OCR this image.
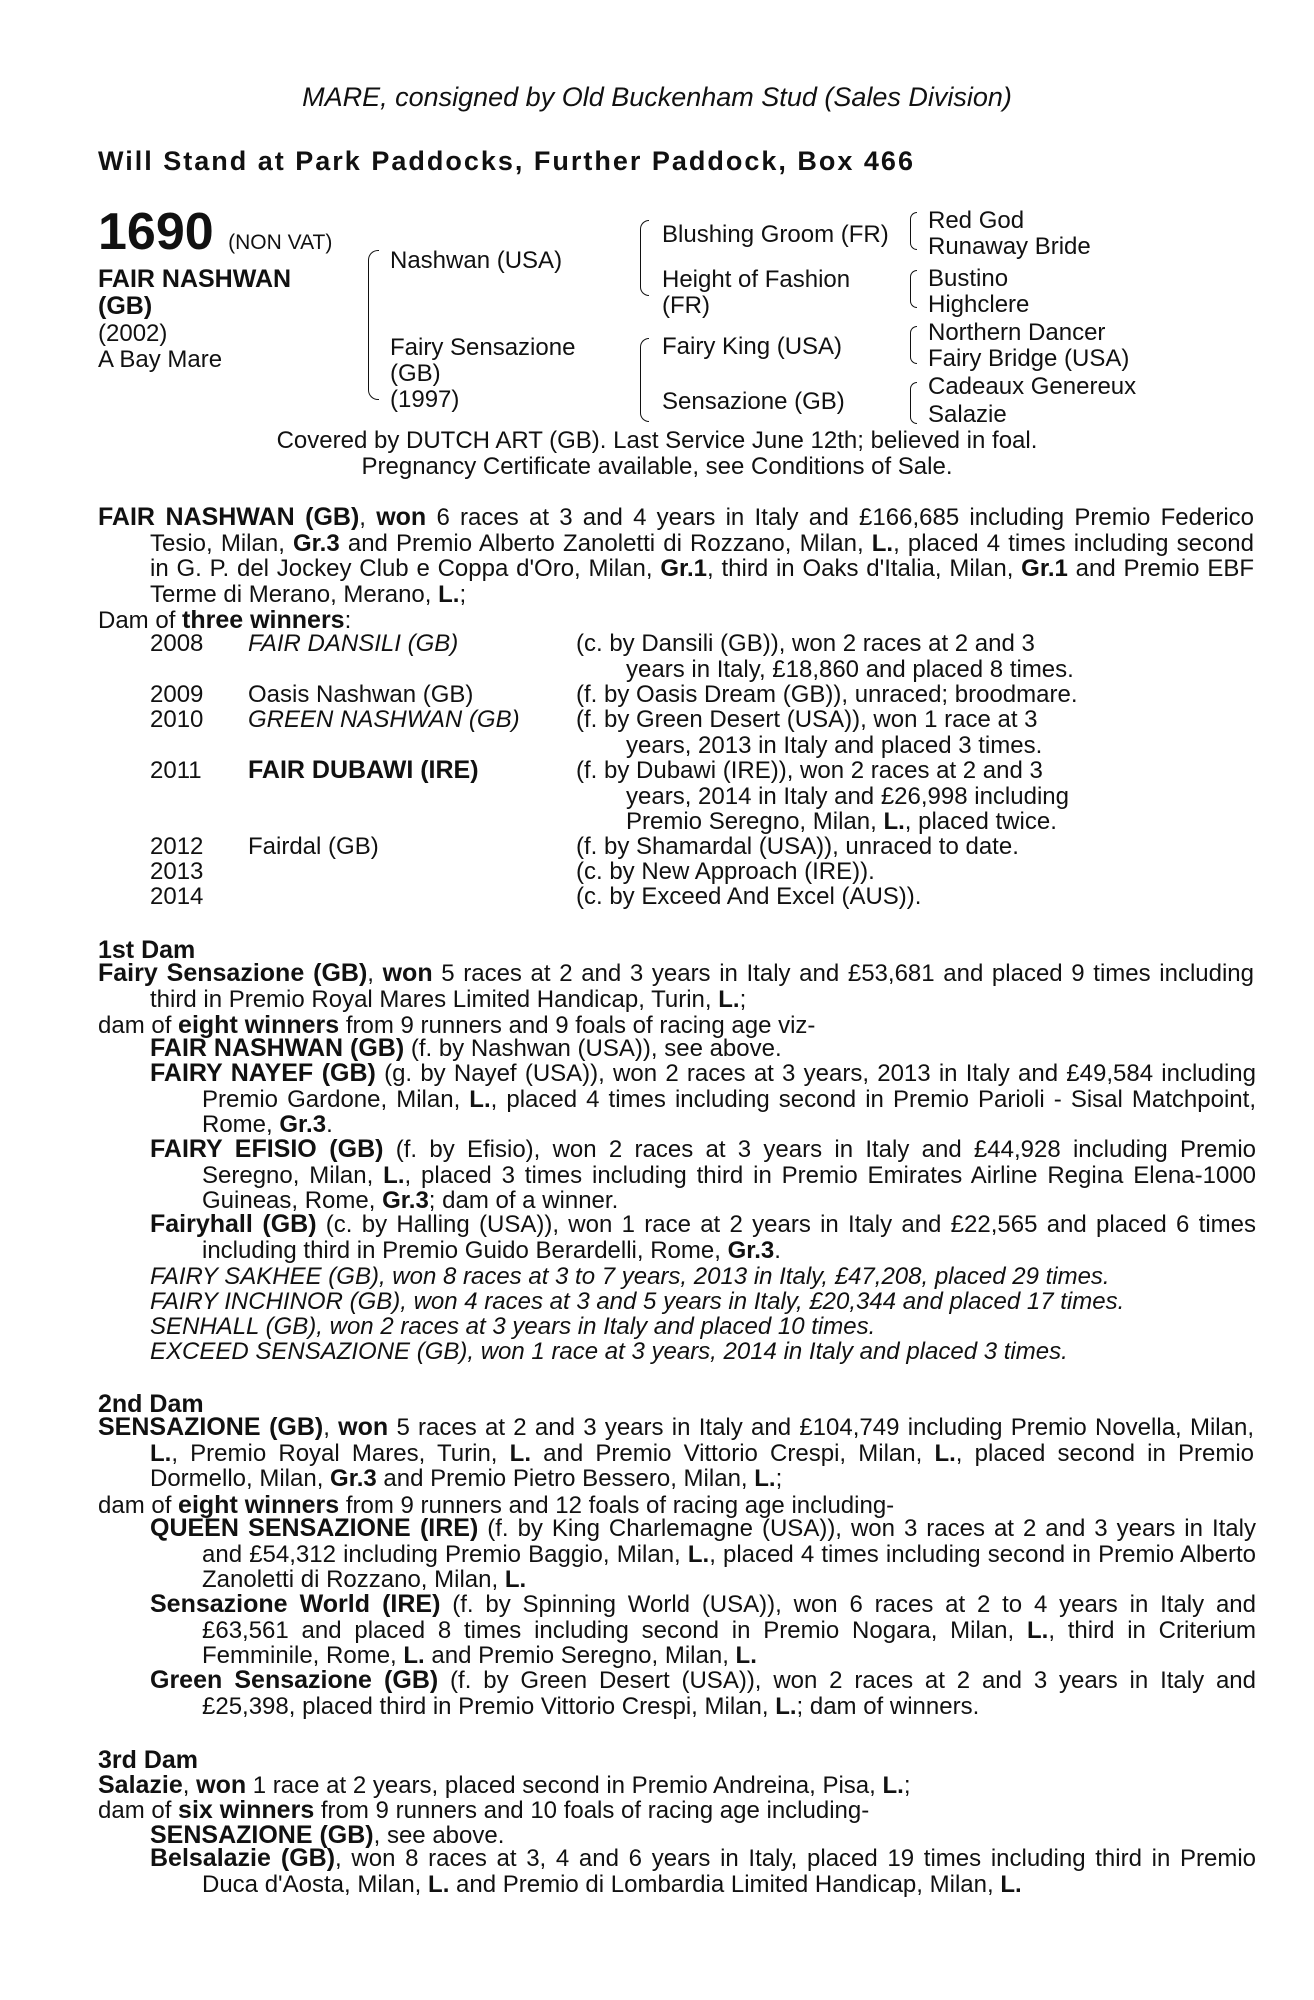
MARE, consigned by Old Buckenham Stud (Sales Division)
Will Stand at Park Paddocks, Further Paddock, Box 466
1690 (NON VAT)
FAIR NASHWAN
(GB)
(2002)
A Bay Mare
Nashwan (USA)
Fairy Sensazione
(GB)
(1997)
Blushing Groom (FR)
Height of Fashion
(FR)
Fairy King (USA)
Sensazione (GB)
Red God
Runaway Bride
Bustino
Highclere
Northern Dancer
Fairy Bridge (USA)
Cadeaux Genereux
Salazie
Covered by DUTCH ART (GB). Last Service June 12th; believed in foal.
Pregnancy Certificate available, see Conditions of Sale.
FAIR NASHWAN (GB), won 6 races at 3 and 4 years in Italy and £166,685 including Premio Federico Tesio, Milan, Gr.3 and Premio Alberto Zanoletti di Rozzano, Milan, L., placed 4 times including second in G. P. del Jockey Club e Coppa d'Oro, Milan, Gr.1, third in Oaks d'Italia, Milan, Gr.1 and Premio EBF Terme di Merano, Merano, L.;
Dam of three winners:
2008 FAIR DANSILI (GB)	(c. by Dansili (GB)), won 2 races at 2 and 3
years in Italy, £18,860 and placed 8 times.
2009 Oasis Nashwan (GB)	(f. by Oasis Dream (GB)), unraced; broodmare.
2010 GREEN NASHWAN (GB) (f. by Green Desert (USA)), won 1 race at 3
years, 2013 in Italy and placed 3 times.
2011 FAIR DUBAWI (IRE)	(f. by Dubawi (IRE)), won 2 races at 2 and 3
years, 2014 in Italy and £26,998 including
Premio Seregno, Milan, L., placed twice.
2012 Fairdal (GB)	(f. by Shamardal (USA)), unraced to date.
2013	(c. by New Approach (IRE)).
2014	(c. by Exceed And Excel (AUS)).
1st Dam
Fairy Sensazione (GB), won 5 races at 2 and 3 years in Italy and £53,681 and placed 9 times including third in Premio Royal Mares Limited Handicap, Turin, L.;
dam of eight winners from 9 runners and 9 foals of racing age viz-
FAIR NASHWAN (GB) (f. by Nashwan (USA)), see above.
FAIRY NAYEF (GB) (g. by Nayef (USA)), won 2 races at 3 years, 2013 in Italy and £49,584 including Premio Gardone, Milan, L., placed 4 times including second in Premio Parioli - Sisal Matchpoint, Rome, Gr.3.
FAIRY EFISIO (GB) (f. by Efisio), won 2 races at 3 years in Italy and £44,928 including Premio Seregno, Milan, L., placed 3 times including third in Premio Emirates Airline Regina Elena-1000 Guineas, Rome, Gr.3; dam of a winner.
Fairyhall (GB) (c. by Halling (USA)), won 1 race at 2 years in Italy and £22,565 and placed 6 times including third in Premio Guido Berardelli, Rome, Gr.3.
FAIRY SAKHEE (GB), won 8 races at 3 to 7 years, 2013 in Italy, £47,208, placed 29 times.
FAIRY INCHINOR (GB), won 4 races at 3 and 5 years in Italy, £20,344 and placed 17 times.
SENHALL (GB), won 2 races at 3 years in Italy and placed 10 times.
EXCEED SENSAZIONE (GB), won 1 race at 3 years, 2014 in Italy and placed 3 times.
2nd Dam
SENSAZIONE (GB), won 5 races at 2 and 3 years in Italy and £104,749 including Premio Novella, Milan, L., Premio Royal Mares, Turin, L. and Premio Vittorio Crespi, Milan, L., placed second in Premio Dormello, Milan, Gr.3 and Premio Pietro Bessero, Milan, L.;
dam of eight winners from 9 runners and 12 foals of racing age including-
QUEEN SENSAZIONE (IRE) (f. by King Charlemagne (USA)), won 3 races at 2 and 3 years in Italy and £54,312 including Premio Baggio, Milan, L., placed 4 times including second in Premio Alberto Zanoletti di Rozzano, Milan, L.
Sensazione World (IRE) (f. by Spinning World (USA)), won 6 races at 2 to 4 years in Italy and £63,561 and placed 8 times including second in Premio Nogara, Milan, L., third in Criterium Femminile, Rome, L. and Premio Seregno, Milan, L.
Green Sensazione (GB) (f. by Green Desert (USA)), won 2 races at 2 and 3 years in Italy and £25,398, placed third in Premio Vittorio Crespi, Milan, L.; dam of winners.
3rd Dam
Salazie, won 1 race at 2 years, placed second in Premio Andreina, Pisa, L.;
dam of six winners from 9 runners and 10 foals of racing age including-
SENSAZIONE (GB), see above.
Belsalazie (GB), won 8 races at 3, 4 and 6 years in Italy, placed 19 times including third in Premio Duca d'Aosta, Milan, L. and Premio di Lombardia Limited Handicap, Milan, L.
